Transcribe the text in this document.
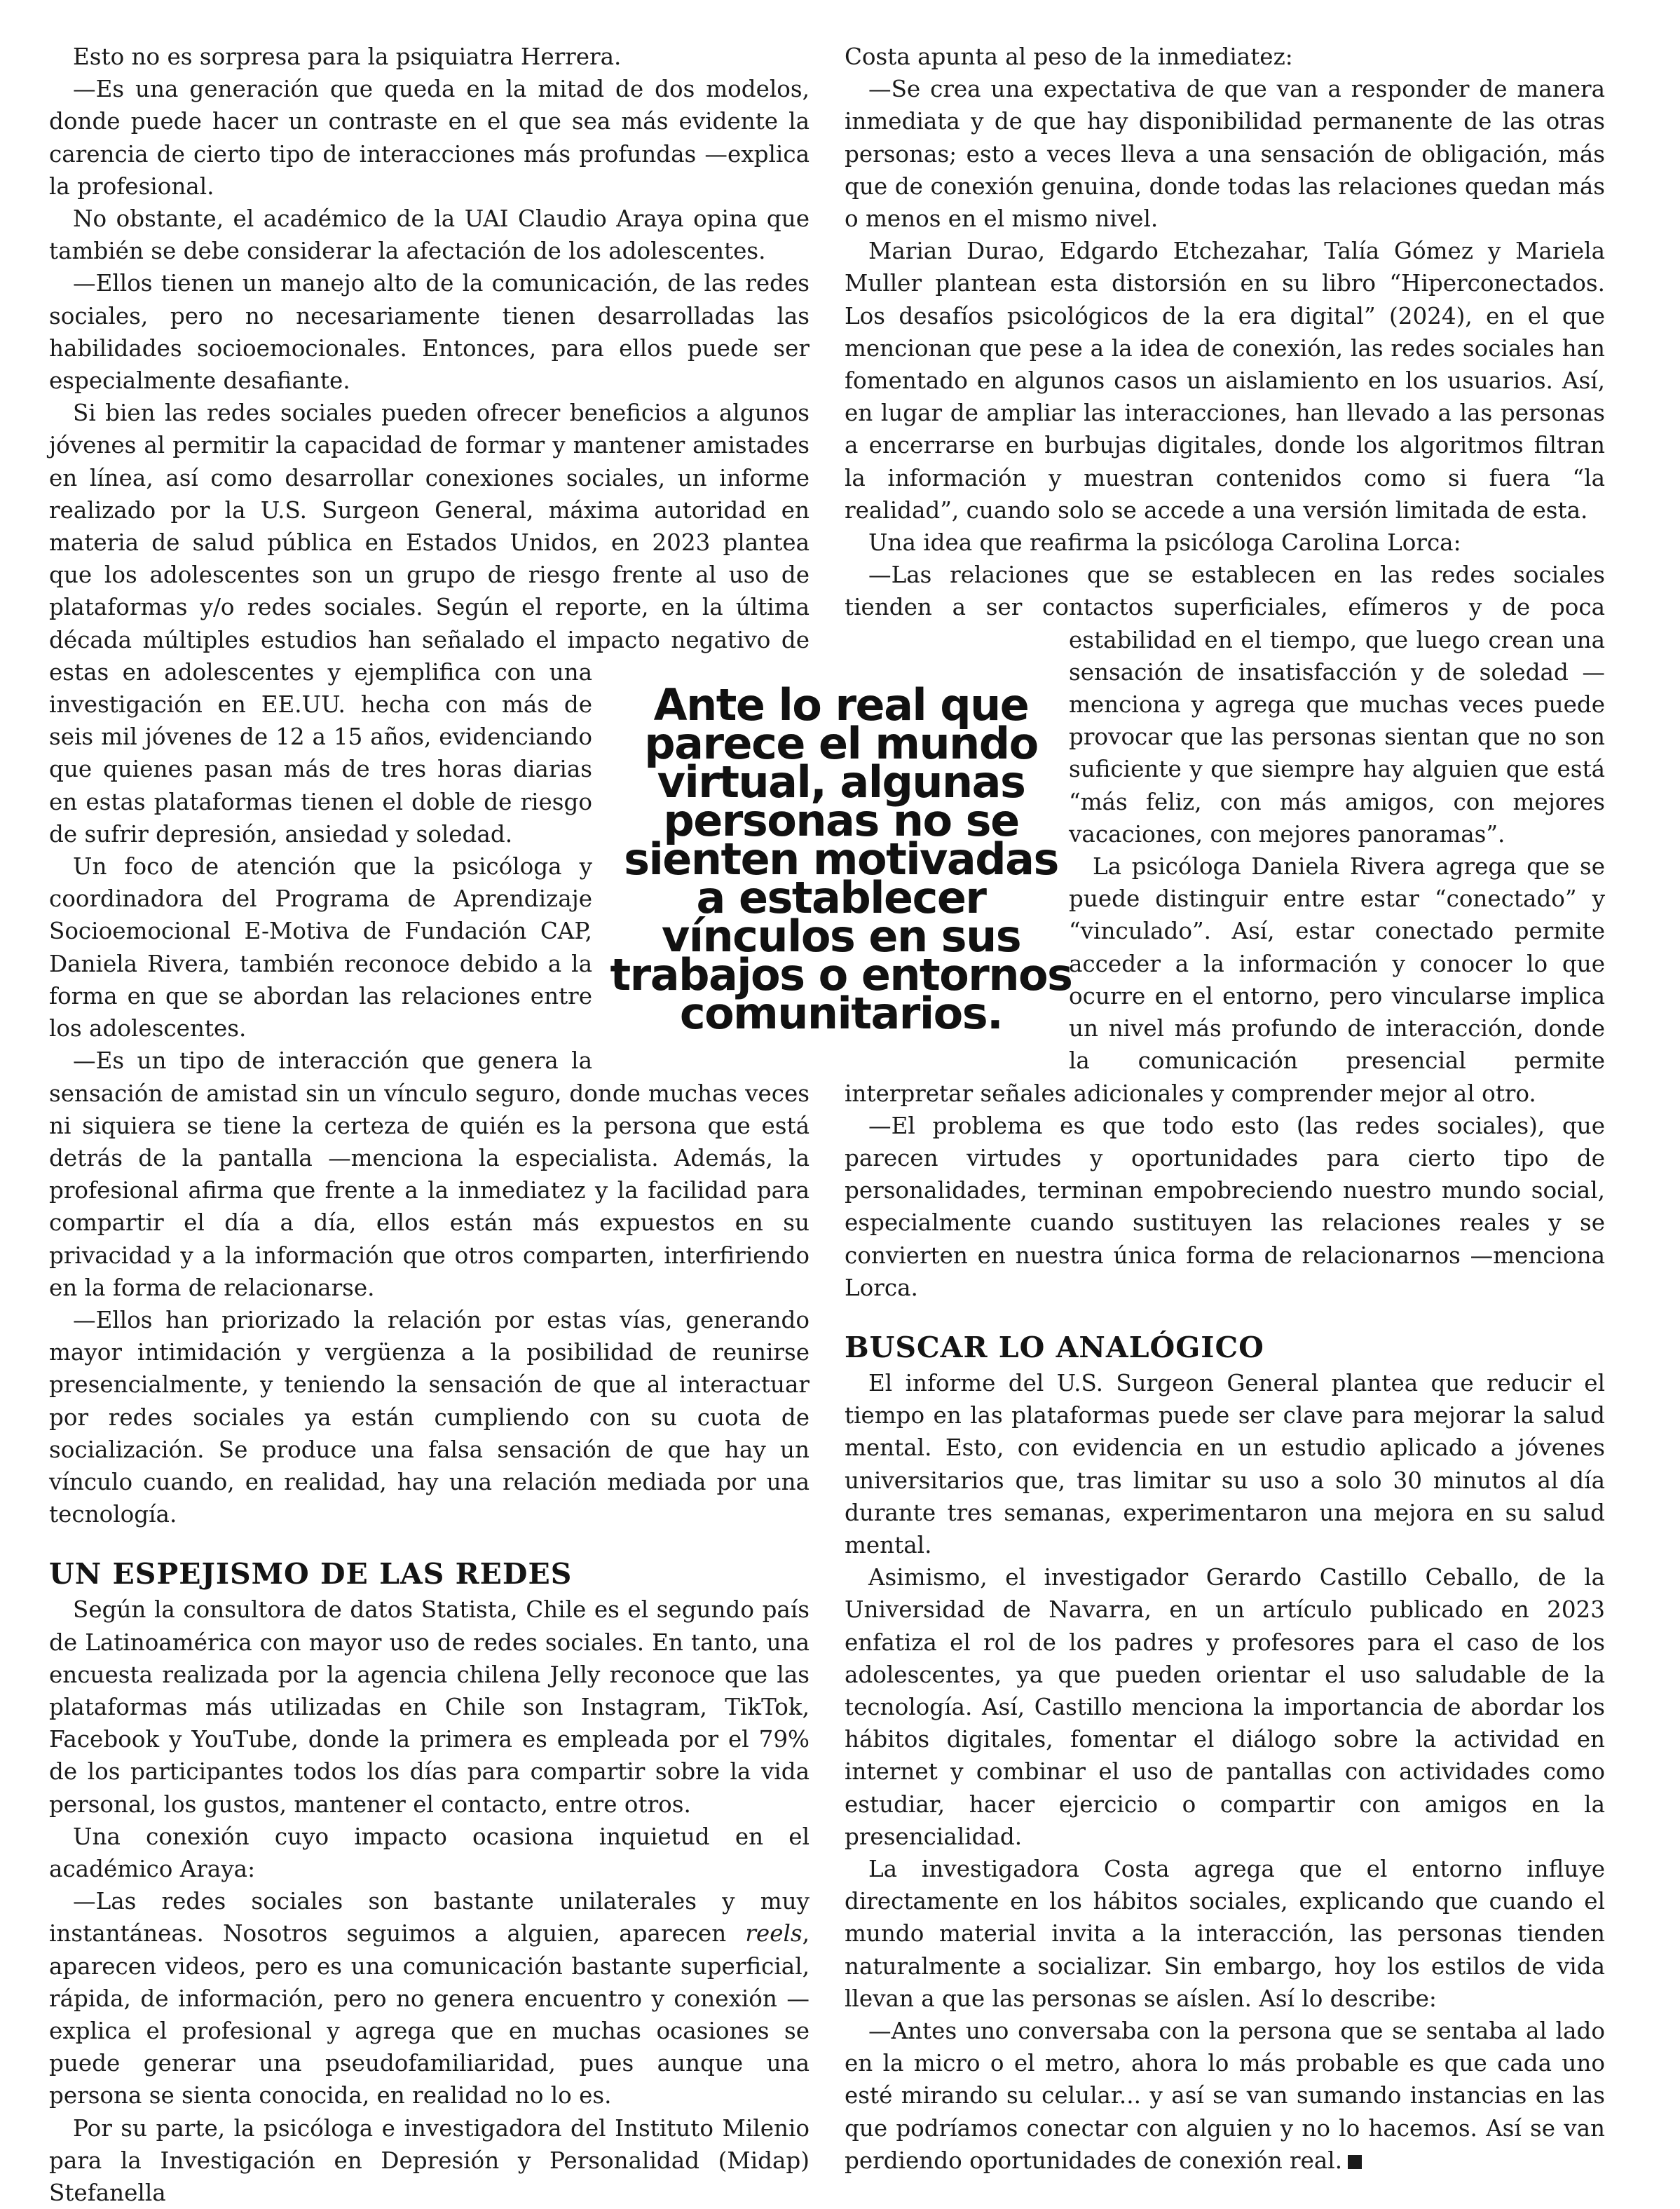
Esto no es sorpresa para la psiquiatra Herrera.

—Es una generación que queda en la mitad de dos modelos, donde puede hacer un contraste en el que sea más evidente la carencia de cierto tipo de interacciones más profundas —explica la profesional.

No obstante, el académico de la UAI Claudio Araya opina que también se debe considerar la afectación de los adolescentes.

—Ellos tienen un manejo alto de la comunicación, de las redes sociales, pero no necesariamente tienen desarrolladas las habilidades socioemocionales. Entonces, para ellos puede ser especialmente desafiante.

Si bien las redes sociales pueden ofrecer beneficios a algunos jóvenes al permitir la capacidad de formar y mantener amistades en línea, así como desarrollar conexiones sociales, un informe realizado por la U.S. Surgeon General, máxima autoridad en materia de salud pública en Estados Unidos, en 2023 plantea que los adolescentes son un grupo de riesgo frente al uso de plataformas y/o redes sociales. Según el reporte, en la última década múltiples estudios han señalado el impacto negativo de estas en adolescentes y ejemplifica con una investigación en EE.UU. hecha con más de seis mil jóvenes de 12 a 15 años, evidenciando que quienes pasan más de tres horas diarias en estas plataformas tienen el doble de riesgo de sufrir depresión, ansiedad y soledad.

Un foco de atención que la psicóloga y coordinadora del Programa de Aprendizaje Socioemocional E-Motiva de Fundación CAP, Daniela Rivera, también reconoce debido a la forma en que se abordan las relaciones entre los adolescentes.

—Es un tipo de interacción que genera la sensación de amistad sin un vínculo seguro, donde muchas veces ni siquiera se tiene la certeza de quién es la persona que está detrás de la pantalla —menciona la especialista. Además, la profesional afirma que frente a la inmediatez y la facilidad para compartir el día a día, ellos están más expuestos en su privacidad y a la información que otros comparten, interfiriendo en la forma de relacionarse.

—Ellos han priorizado la relación por estas vías, generando mayor intimidación y vergüenza a la posibilidad de reunirse presencialmente, y teniendo la sensación de que al interactuar por redes sociales ya están cumpliendo con su cuota de socialización. Se produce una falsa sensación de que hay un vínculo cuando, en realidad, hay una relación mediada por una tecnología.

UN ESPEJISMO DE LAS REDES

Según la consultora de datos Statista, Chile es el segundo país de Latinoamérica con mayor uso de redes sociales. En tanto, una encuesta realizada por la agencia chilena Jelly reconoce que las plataformas más utilizadas en Chile son Instagram, TikTok, Facebook y YouTube, donde la primera es empleada por el 79% de los participantes todos los días para compartir sobre la vida personal, los gustos, mantener el contacto, entre otros.

Una conexión cuyo impacto ocasiona inquietud en el académico Araya:

—Las redes sociales son bastante unilaterales y muy instantáneas. Nosotros seguimos a alguien, aparecen reels, aparecen videos, pero es una comunicación bastante superficial, rápida, de información, pero no genera encuentro y conexión —explica el profesional y agrega que en muchas ocasiones se puede generar una pseudofamiliaridad, pues aunque una persona se sienta conocida, en realidad no lo es.

Por su parte, la psicóloga e investigadora del Instituto Milenio para la Investigación en Depresión y Personalidad (Midap) Stefanella

Ante lo real que parece el mundo virtual, algunas personas no se sienten motivadas a establecer vínculos en sus trabajos o entornos comunitarios.

Costa apunta al peso de la inmediatez:

—Se crea una expectativa de que van a responder de manera inmediata y de que hay disponibilidad permanente de las otras personas; esto a veces lleva a una sensación de obligación, más que de conexión genuina, donde todas las relaciones quedan más o menos en el mismo nivel.

Marian Durao, Edgardo Etchezahar, Talía Gómez y Mariela Muller plantean esta distorsión en su libro “Hiperconectados. Los desafíos psicológicos de la era digital” (2024), en el que mencionan que pese a la idea de conexión, las redes sociales han fomentado en algunos casos un aislamiento en los usuarios. Así, en lugar de ampliar las interacciones, han llevado a las personas a encerrarse en burbujas digitales, donde los algoritmos filtran la información y muestran contenidos como si fuera “la realidad”, cuando solo se accede a una versión limitada de esta.

Una idea que reafirma la psicóloga Carolina Lorca:

—Las relaciones que se establecen en las redes sociales tienden a ser contactos superficiales, efímeros y de poca estabilidad en el tiempo, que luego crean una sensación de insatisfacción y de soledad —menciona y agrega que muchas veces puede provocar que las personas sientan que no son suficiente y que siempre hay alguien que está “más feliz, con más amigos, con mejores vacaciones, con mejores panoramas”.

La psicóloga Daniela Rivera agrega que se puede distinguir entre estar “conectado” y “vinculado”. Así, estar conectado permite acceder a la información y conocer lo que ocurre en el entorno, pero vincularse implica un nivel más profundo de interacción, donde la comunicación presencial permite interpretar señales adicionales y comprender mejor al otro.

—El problema es que todo esto (las redes sociales), que parecen virtudes y oportunidades para cierto tipo de personalidades, terminan empobreciendo nuestro mundo social, especialmente cuando sustituyen las relaciones reales y se convierten en nuestra única forma de relacionarnos —menciona Lorca.

BUSCAR LO ANALÓGICO

El informe del U.S. Surgeon General plantea que reducir el tiempo en las plataformas puede ser clave para mejorar la salud mental. Esto, con evidencia en un estudio aplicado a jóvenes universitarios que, tras limitar su uso a solo 30 minutos al día durante tres semanas, experimentaron una mejora en su salud mental.

Asimismo, el investigador Gerardo Castillo Ceballo, de la Universidad de Navarra, en un artículo publicado en 2023 enfatiza el rol de los padres y profesores para el caso de los adolescentes, ya que pueden orientar el uso saludable de la tecnología. Así, Castillo menciona la importancia de abordar los hábitos digitales, fomentar el diálogo sobre la actividad en internet y combinar el uso de pantallas con actividades como estudiar, hacer ejercicio o compartir con amigos en la presencialidad.

La investigadora Costa agrega que el entorno influye directamente en los hábitos sociales, explicando que cuando el mundo material invita a la interacción, las personas tienden naturalmente a socializar. Sin embargo, hoy los estilos de vida llevan a que las personas se aíslen. Así lo describe:

—Antes uno conversaba con la persona que se sentaba al lado en la micro o el metro, ahora lo más probable es que cada uno esté mirando su celular... y así se van sumando instancias en las que podríamos conectar con alguien y no lo hacemos. Así se van perdiendo oportunidades de conexión real.
